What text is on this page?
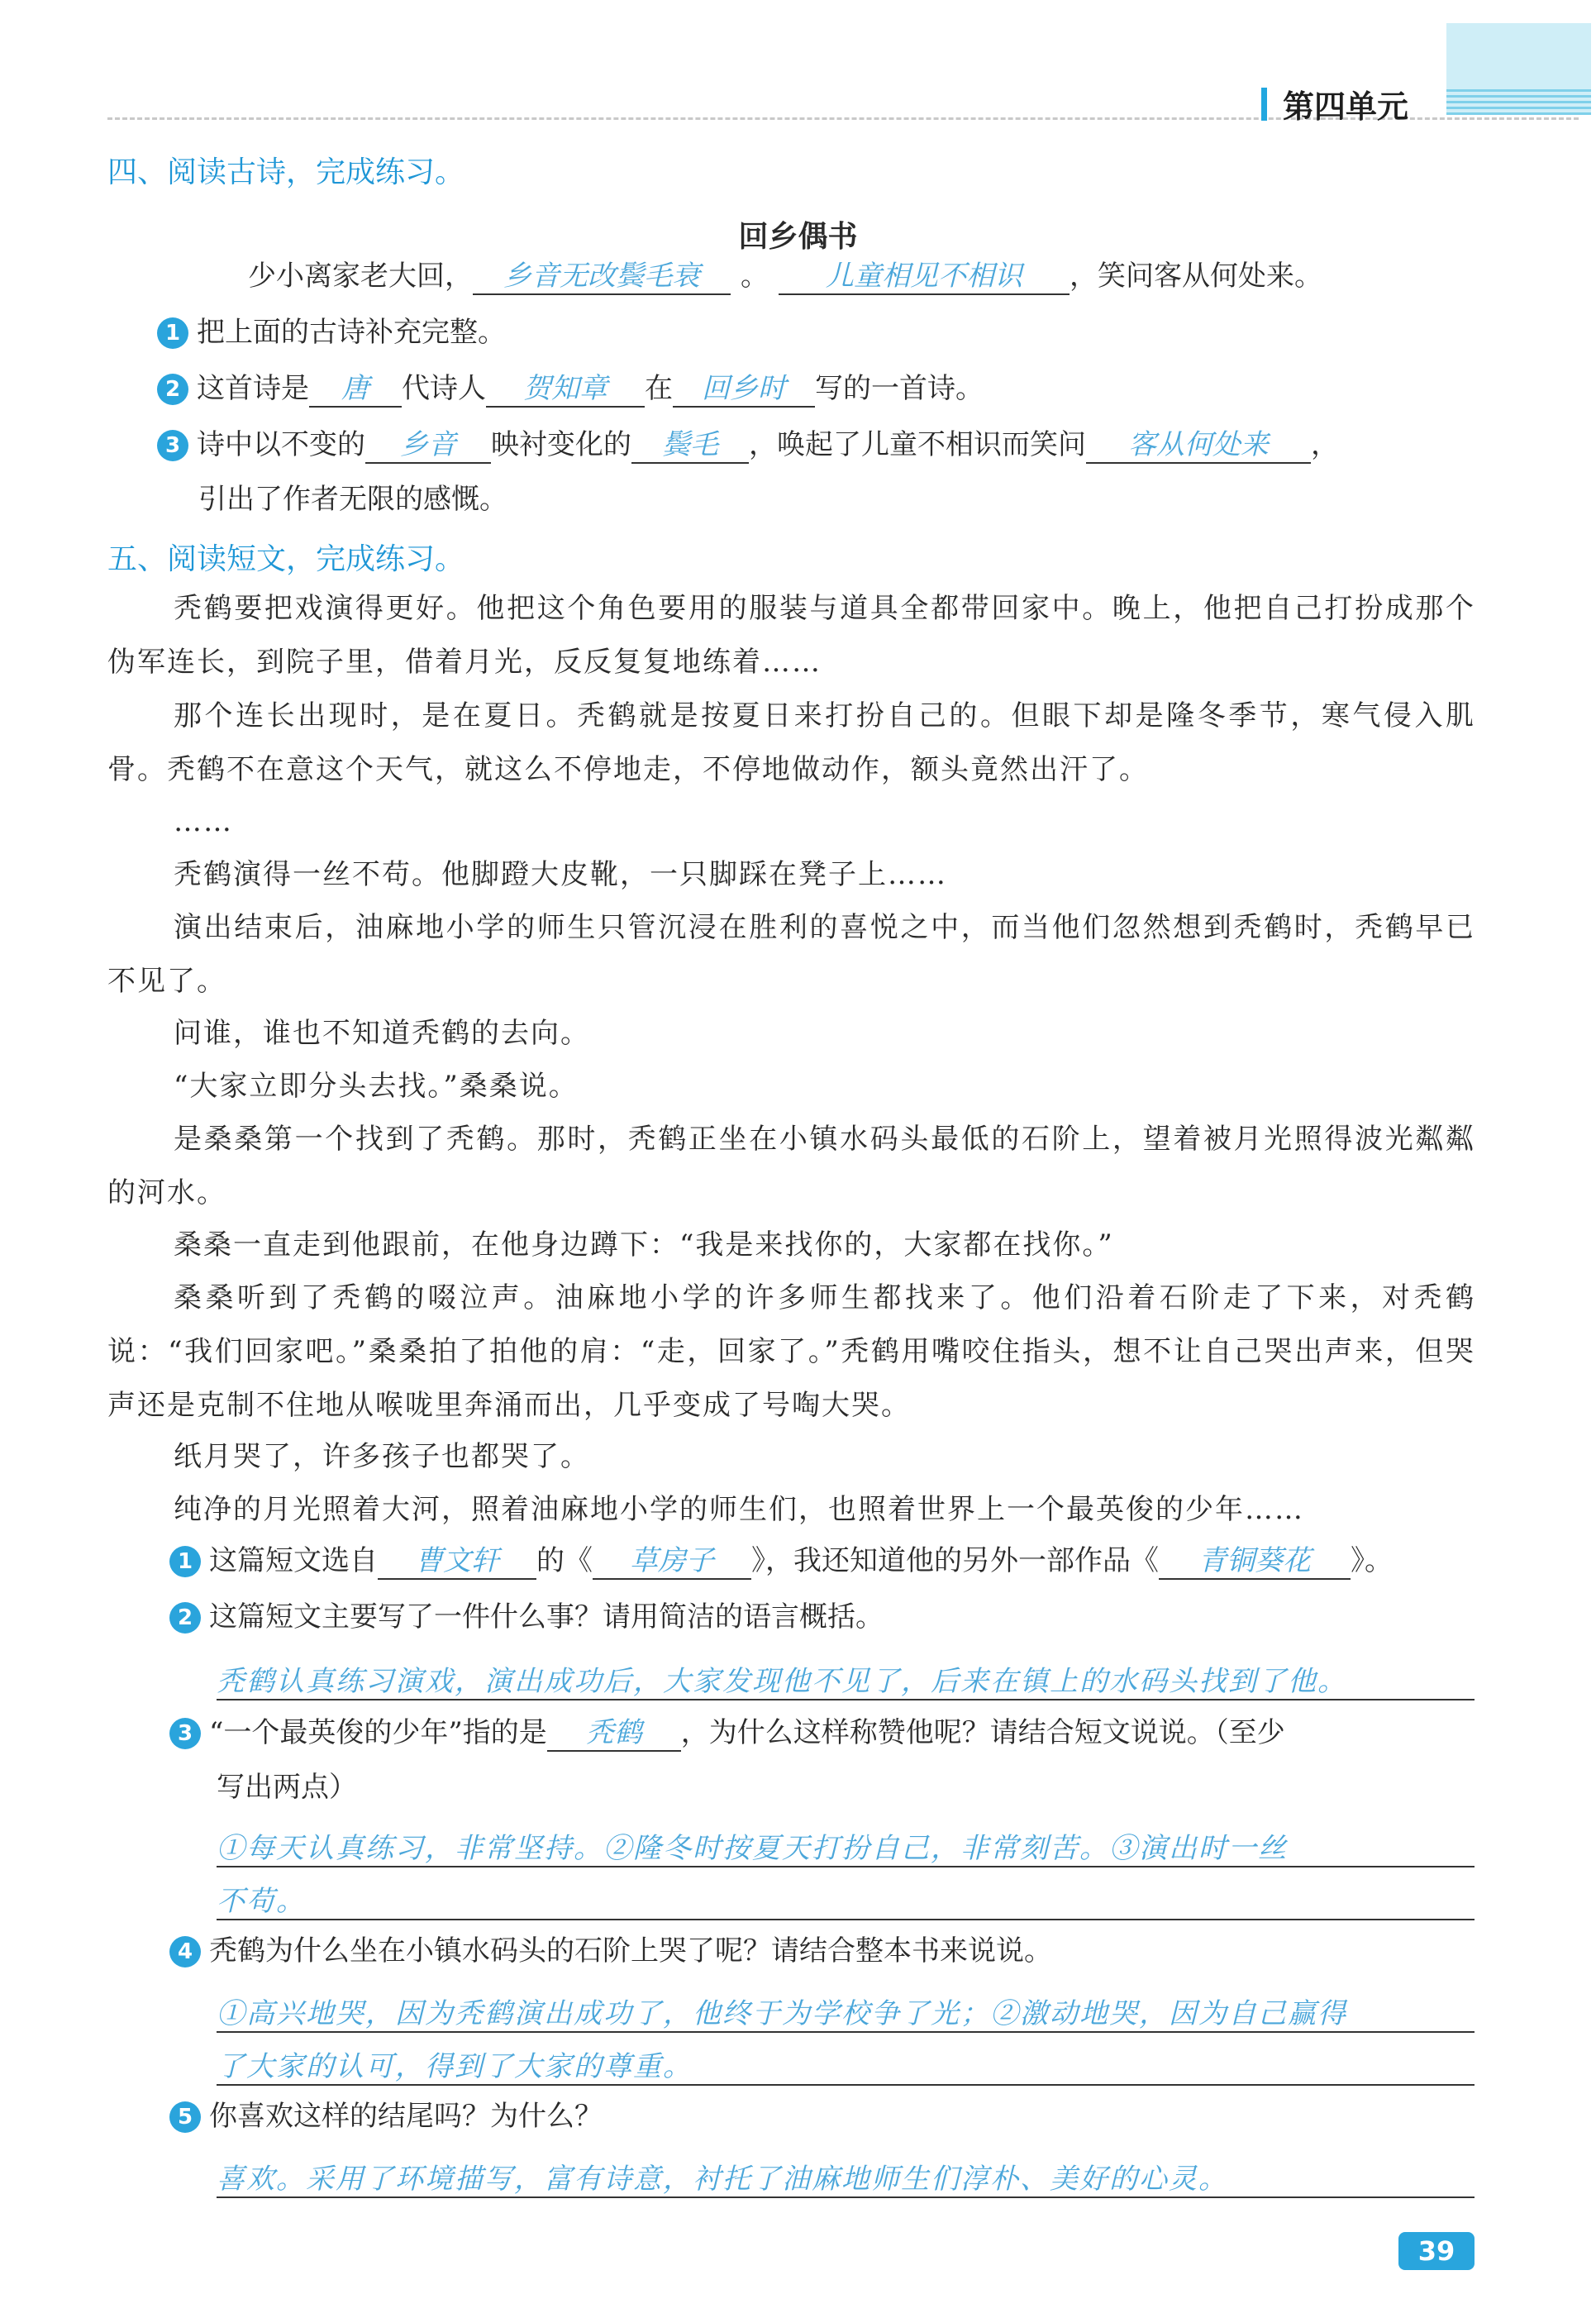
第四单元
四、阅读古诗，完成练习。
回乡偶书
少小离家老大回， 乡音无改鬓毛衰 。 儿童相见不相识 ，笑问客从何处来。
1 把上面的古诗补充完整。
2 这首诗是 唐 代诗人 贺知章 在 回乡时 写的一首诗。
3 诗中以不变的 乡音 映衬变化的 鬓毛 ，唤起了儿童不相识而笑问 客从何处来 ，
引出了作者无限的感慨。
五、阅读短文，完成练习。
秃鹤要把戏演得更好。他把这个角色要用的服装与道具全都带回家中。晚上，他把自己打扮成那个伪军连长，到院子里，借着月光，反反复复地练着……
那个连长出现时，是在夏日。秃鹤就是按夏日来打扮自己的。但眼下却是隆冬季节，寒气侵入肌骨。秃鹤不在意这个天气，就这么不停地走，不停地做动作，额头竟然出汗了。
……
秃鹤演得一丝不苟。他脚蹬大皮靴，一只脚踩在凳子上……
演出结束后，油麻地小学的师生只管沉浸在胜利的喜悦之中，而当他们忽然想到秃鹤时，秃鹤早已不见了。
问谁，谁也不知道秃鹤的去向。
“大家立即分头去找。”桑桑说。
是桑桑第一个找到了秃鹤。那时，秃鹤正坐在小镇水码头最低的石阶上，望着被月光照得波光粼粼的河水。
桑桑一直走到他跟前，在他身边蹲下：“我是来找你的，大家都在找你。”
桑桑听到了秃鹤的啜泣声。油麻地小学的许多师生都找来了。他们沿着石阶走了下来，对秃鹤说：“我们回家吧。”桑桑拍了拍他的肩：“走，回家了。”秃鹤用嘴咬住指头，想不让自己哭出声来，但哭声还是克制不住地从喉咙里奔涌而出，几乎变成了号啕大哭。
纸月哭了，许多孩子也都哭了。
纯净的月光照着大河，照着油麻地小学的师生们，也照着世界上一个最英俊的少年……
1 这篇短文选自 曹文轩 的《 草房子 》，我还知道他的另外一部作品《 青铜葵花 》。
2 这篇短文主要写了一件什么事？请用简洁的语言概括。
秃鹤认真练习演戏，演出成功后，大家发现他不见了，后来在镇上的水码头找到了他。
3 “一个最英俊的少年”指的是 秃鹤 ，为什么这样称赞他呢？请结合短文说说。（至少
写出两点）
①每天认真练习，非常坚持。②隆冬时按夏天打扮自己，非常刻苦。③演出时一丝
不苟。
4 秃鹤为什么坐在小镇水码头的石阶上哭了呢？请结合整本书来说说。
①高兴地哭，因为秃鹤演出成功了，他终于为学校争了光；②激动地哭，因为自己赢得
了大家的认可，得到了大家的尊重。
5 你喜欢这样的结尾吗？为什么？
喜欢。采用了环境描写，富有诗意，衬托了油麻地师生们淳朴、美好的心灵。
39
